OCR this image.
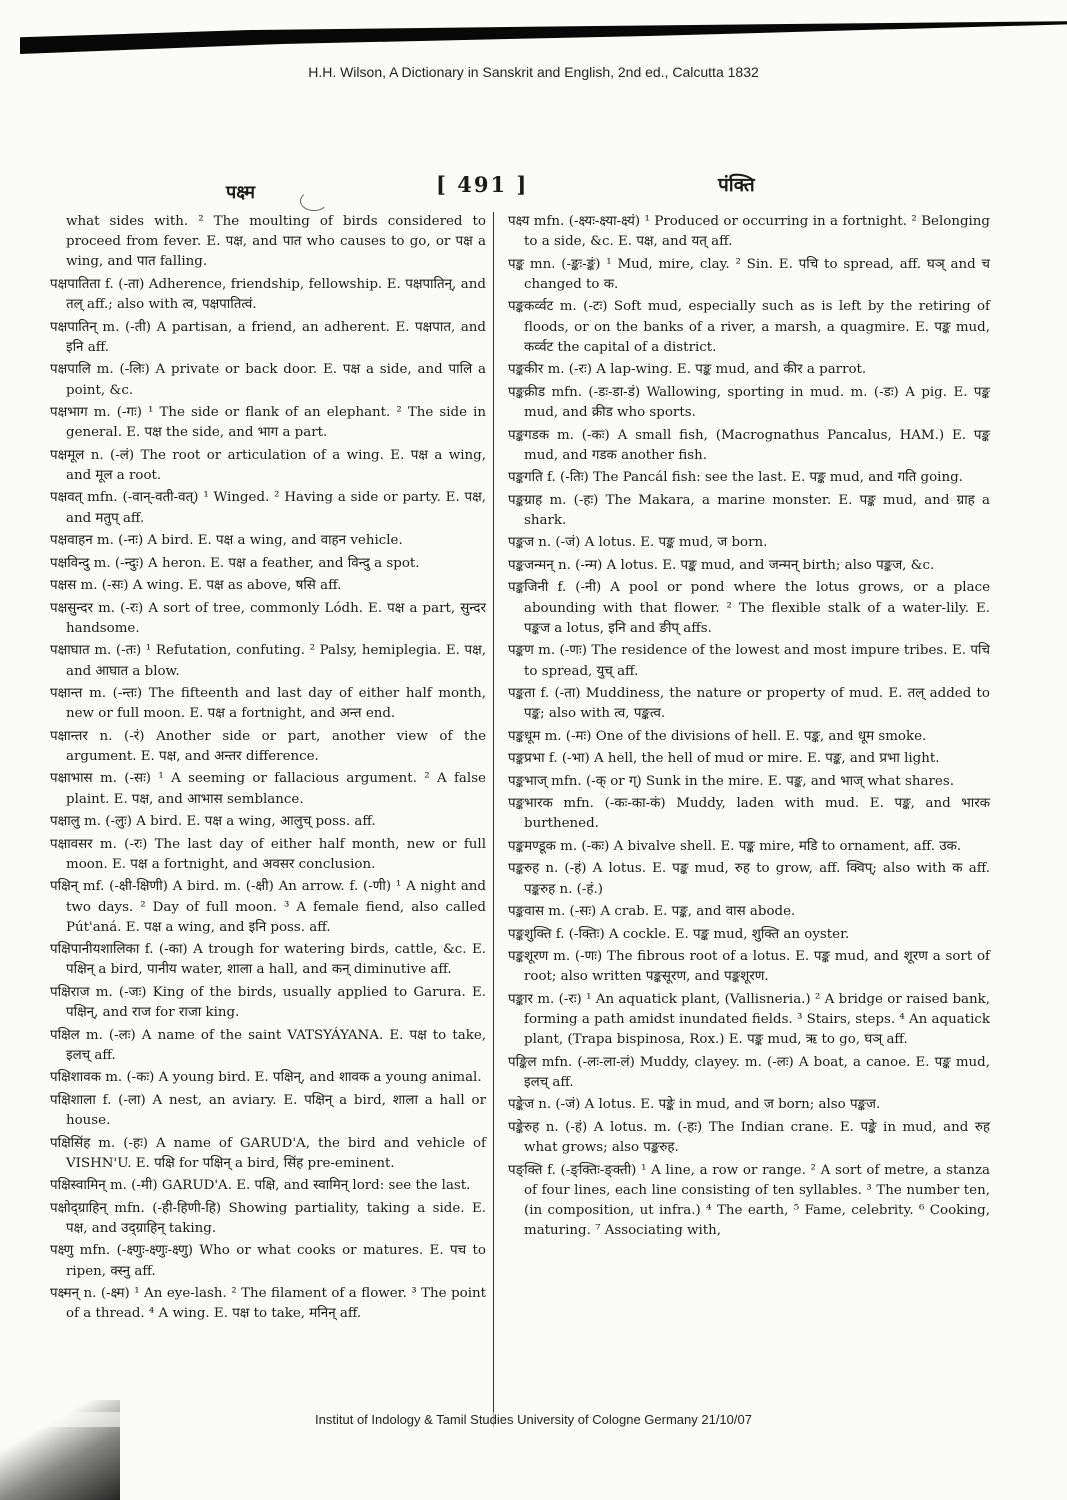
H.H. Wilson, A Dictionary in Sanskrit and English, 2nd ed., Calcutta 1832
पक्ष्म	[ 491 ]	पंक्ति

what sides with. ² The moulting of birds considered to proceed from fever. E. पक्ष, and पात who causes to go, or पक्ष a wing, and पात falling.

पक्षपातिता f. (-ता) Adherence, friendship, fellowship. E. पक्षपातिन्, and तल् aff.; also with त्व, पक्षपातित्वं.

पक्षपातिन् m. (-ती) A partisan, a friend, an adherent. E. पक्षपात, and इनि aff.

पक्षपालि m. (-लिः) A private or back door. E. पक्ष a side, and पालि a point, &c.

पक्षभाग m. (-गः) ¹ The side or flank of an elephant. ² The side in general. E. पक्ष the side, and भाग a part.

पक्षमूल n. (-लं) The root or articulation of a wing. E. पक्ष a wing, and मूल a root.

पक्षवत् mfn. (-वान्-वती-वत्) ¹ Winged. ² Having a side or party. E. पक्ष, and मतुप् aff.

पक्षवाहन m. (-नः) A bird. E. पक्ष a wing, and वाहन vehicle.

पक्षविन्दु m. (-न्दुः) A heron. E. पक्ष a feather, and विन्दु a spot.

पक्षस m. (-सः) A wing. E. पक्ष as above, षसि aff.

पक्षसुन्दर m. (-रः) A sort of tree, commonly Lódh. E. पक्ष a part, सुन्दर handsome.

पक्षाघात m. (-तः) ¹ Refutation, confuting. ² Palsy, hemiplegia. E. पक्ष, and आघात a blow.

पक्षान्त m. (-न्तः) The fifteenth and last day of either half month, new or full moon. E. पक्ष a fortnight, and अन्त end.

पक्षान्तर n. (-रं) Another side or part, another view of the argument. E. पक्ष, and अन्तर difference.

पक्षाभास m. (-सः) ¹ A seeming or fallacious argument. ² A false plaint. E. पक्ष, and आभास semblance.

पक्षालु m. (-लुः) A bird. E. पक्ष a wing, आलुच् poss. aff.

पक्षावसर m. (-रः) The last day of either half month, new or full moon. E. पक्ष a fortnight, and अवसर conclusion.

पक्षिन् mf. (-क्षी-क्षिणी) A bird. m. (-क्षी) An arrow. f. (-णी) ¹ A night and two days. ² Day of full moon. ³ A female fiend, also called Pút'aná. E. पक्ष a wing, and इनि poss. aff.

पक्षिपानीयशालिका f. (-का) A trough for watering birds, cattle, &c. E. पक्षिन् a bird, पानीय water, शाला a hall, and कन् diminutive aff.

पक्षिराज m. (-जः) King of the birds, usually applied to Garura. E. पक्षिन्, and राज for राजा king.

पक्षिल m. (-लः) A name of the saint VATSYÁYANA. E. पक्ष to take, इलच् aff.

पक्षिशावक m. (-कः) A young bird. E. पक्षिन्, and शावक a young animal.

पक्षिशाला f. (-ला) A nest, an aviary. E. पक्षिन् a bird, शाला a hall or house.

पक्षिसिंह m. (-हः) A name of GARUD'A, the bird and vehicle of VISHN'U. E. पक्षि for पक्षिन् a bird, सिंह pre-eminent.

पक्षिस्वामिन् m. (-मी) GARUD'A. E. पक्षि, and स्वामिन् lord: see the last.

पक्षोद्ग्राहिन् mfn. (-ही-हिणी-हि) Showing partiality, taking a side. E. पक्ष, and उद्ग्राहिन् taking.

पक्ष्णु mfn. (-क्ष्णुः-क्ष्णुः-क्ष्णु) Who or what cooks or matures. E. पच to ripen, क्स्नु aff.

पक्ष्मन् n. (-क्ष्म) ¹ An eye-lash. ² The filament of a flower. ³ The point of a thread. ⁴ A wing. E. पक्ष to take, मनिन् aff.

पक्ष्य mfn. (-क्ष्यः-क्ष्या-क्ष्यं) ¹ Produced or occurring in a fortnight. ² Belonging to a side, &c. E. पक्ष, and यत् aff.

पङ्क mn. (-ङ्कः-ङ्कं) ¹ Mud, mire, clay. ² Sin. E. पचि to spread, aff. घञ् and च changed to क.

पङ्ककर्व्वट m. (-टः) Soft mud, especially such as is left by the retiring of floods, or on the banks of a river, a marsh, a quagmire. E. पङ्क mud, कर्व्वट the capital of a district.

पङ्ककीर m. (-रः) A lap-wing. E. पङ्क mud, and कीर a parrot.

पङ्कक्रीड mfn. (-डः-डा-डं) Wallowing, sporting in mud. m. (-डः) A pig. E. पङ्क mud, and क्रीड who sports.

पङ्कगडक m. (-कः) A small fish, (Macrognathus Pancalus, HAM.) E. पङ्क mud, and गडक another fish.

पङ्कगति f. (-तिः) The Pancál fish: see the last. E. पङ्क mud, and गति going.

पङ्कग्राह m. (-हः) The Makara, a marine monster. E. पङ्क mud, and ग्राह a shark.

पङ्कज n. (-जं) A lotus. E. पङ्क mud, ज born.

पङ्कजन्मन् n. (-न्म) A lotus. E. पङ्क mud, and जन्मन् birth; also पङ्कज, &c.

पङ्कजिनी f. (-नी) A pool or pond where the lotus grows, or a place abounding with that flower. ² The flexible stalk of a water-lily. E. पङ्कज a lotus, इनि and ङीप् affs.

पङ्कण m. (-णः) The residence of the lowest and most impure tribes. E. पचि to spread, युच् aff.

पङ्कता f. (-ता) Muddiness, the nature or property of mud. E. तल् added to पङ्क; also with त्व, पङ्कत्व.

पङ्कधूम m. (-मः) One of the divisions of hell. E. पङ्क, and धूम smoke.

पङ्कप्रभा f. (-भा) A hell, the hell of mud or mire. E. पङ्क, and प्रभा light.

पङ्कभाज् mfn. (-क् or ग्) Sunk in the mire. E. पङ्क, and भाज् what shares.

पङ्कभारक mfn. (-कः-का-कं) Muddy, laden with mud. E. पङ्क, and भारक burthened.

पङ्कमण्डूक m. (-कः) A bivalve shell. E. पङ्क mire, मडि to ornament, aff. उक.

पङ्करुह n. (-हं) A lotus. E. पङ्क mud, रुह to grow, aff. क्विप्; also with क aff. पङ्करुह n. (-हं.)

पङ्कवास m. (-सः) A crab. E. पङ्क, and वास abode.

पङ्कशुक्ति f. (-क्तिः) A cockle. E. पङ्क mud, शुक्ति an oyster.

पङ्कशूरण m. (-णः) The fibrous root of a lotus. E. पङ्क mud, and शूरण a sort of root; also written पङ्कसूरण, and पङ्कशूरण.

पङ्कार m. (-रः) ¹ An aquatick plant, (Vallisneria.) ² A bridge or raised bank, forming a path amidst inundated fields. ³ Stairs, steps. ⁴ An aquatick plant, (Trapa bispinosa, Rox.) E. पङ्क mud, ऋ to go, घञ् aff.

पङ्किल mfn. (-लः-ला-लं) Muddy, clayey. m. (-लः) A boat, a canoe. E. पङ्क mud, इलच् aff.

पङ्केज n. (-जं) A lotus. E. पङ्के in mud, and ज born; also पङ्कज.

पङ्केरुह n. (-हं) A lotus. m. (-हः) The Indian crane. E. पङ्के in mud, and रुह what grows; also पङ्करुह.

पङ्क्ति f. (-ङ्क्तिः-ङ्क्ती) ¹ A line, a row or range. ² A sort of metre, a stanza of four lines, each line consisting of ten syllables. ³ The number ten, (in composition, ut infra.) ⁴ The earth, ⁵ Fame, celebrity. ⁶ Cooking, maturing. ⁷ Associating with,

Institut of Indology & Tamil Studies University of Cologne Germany 21/10/07
